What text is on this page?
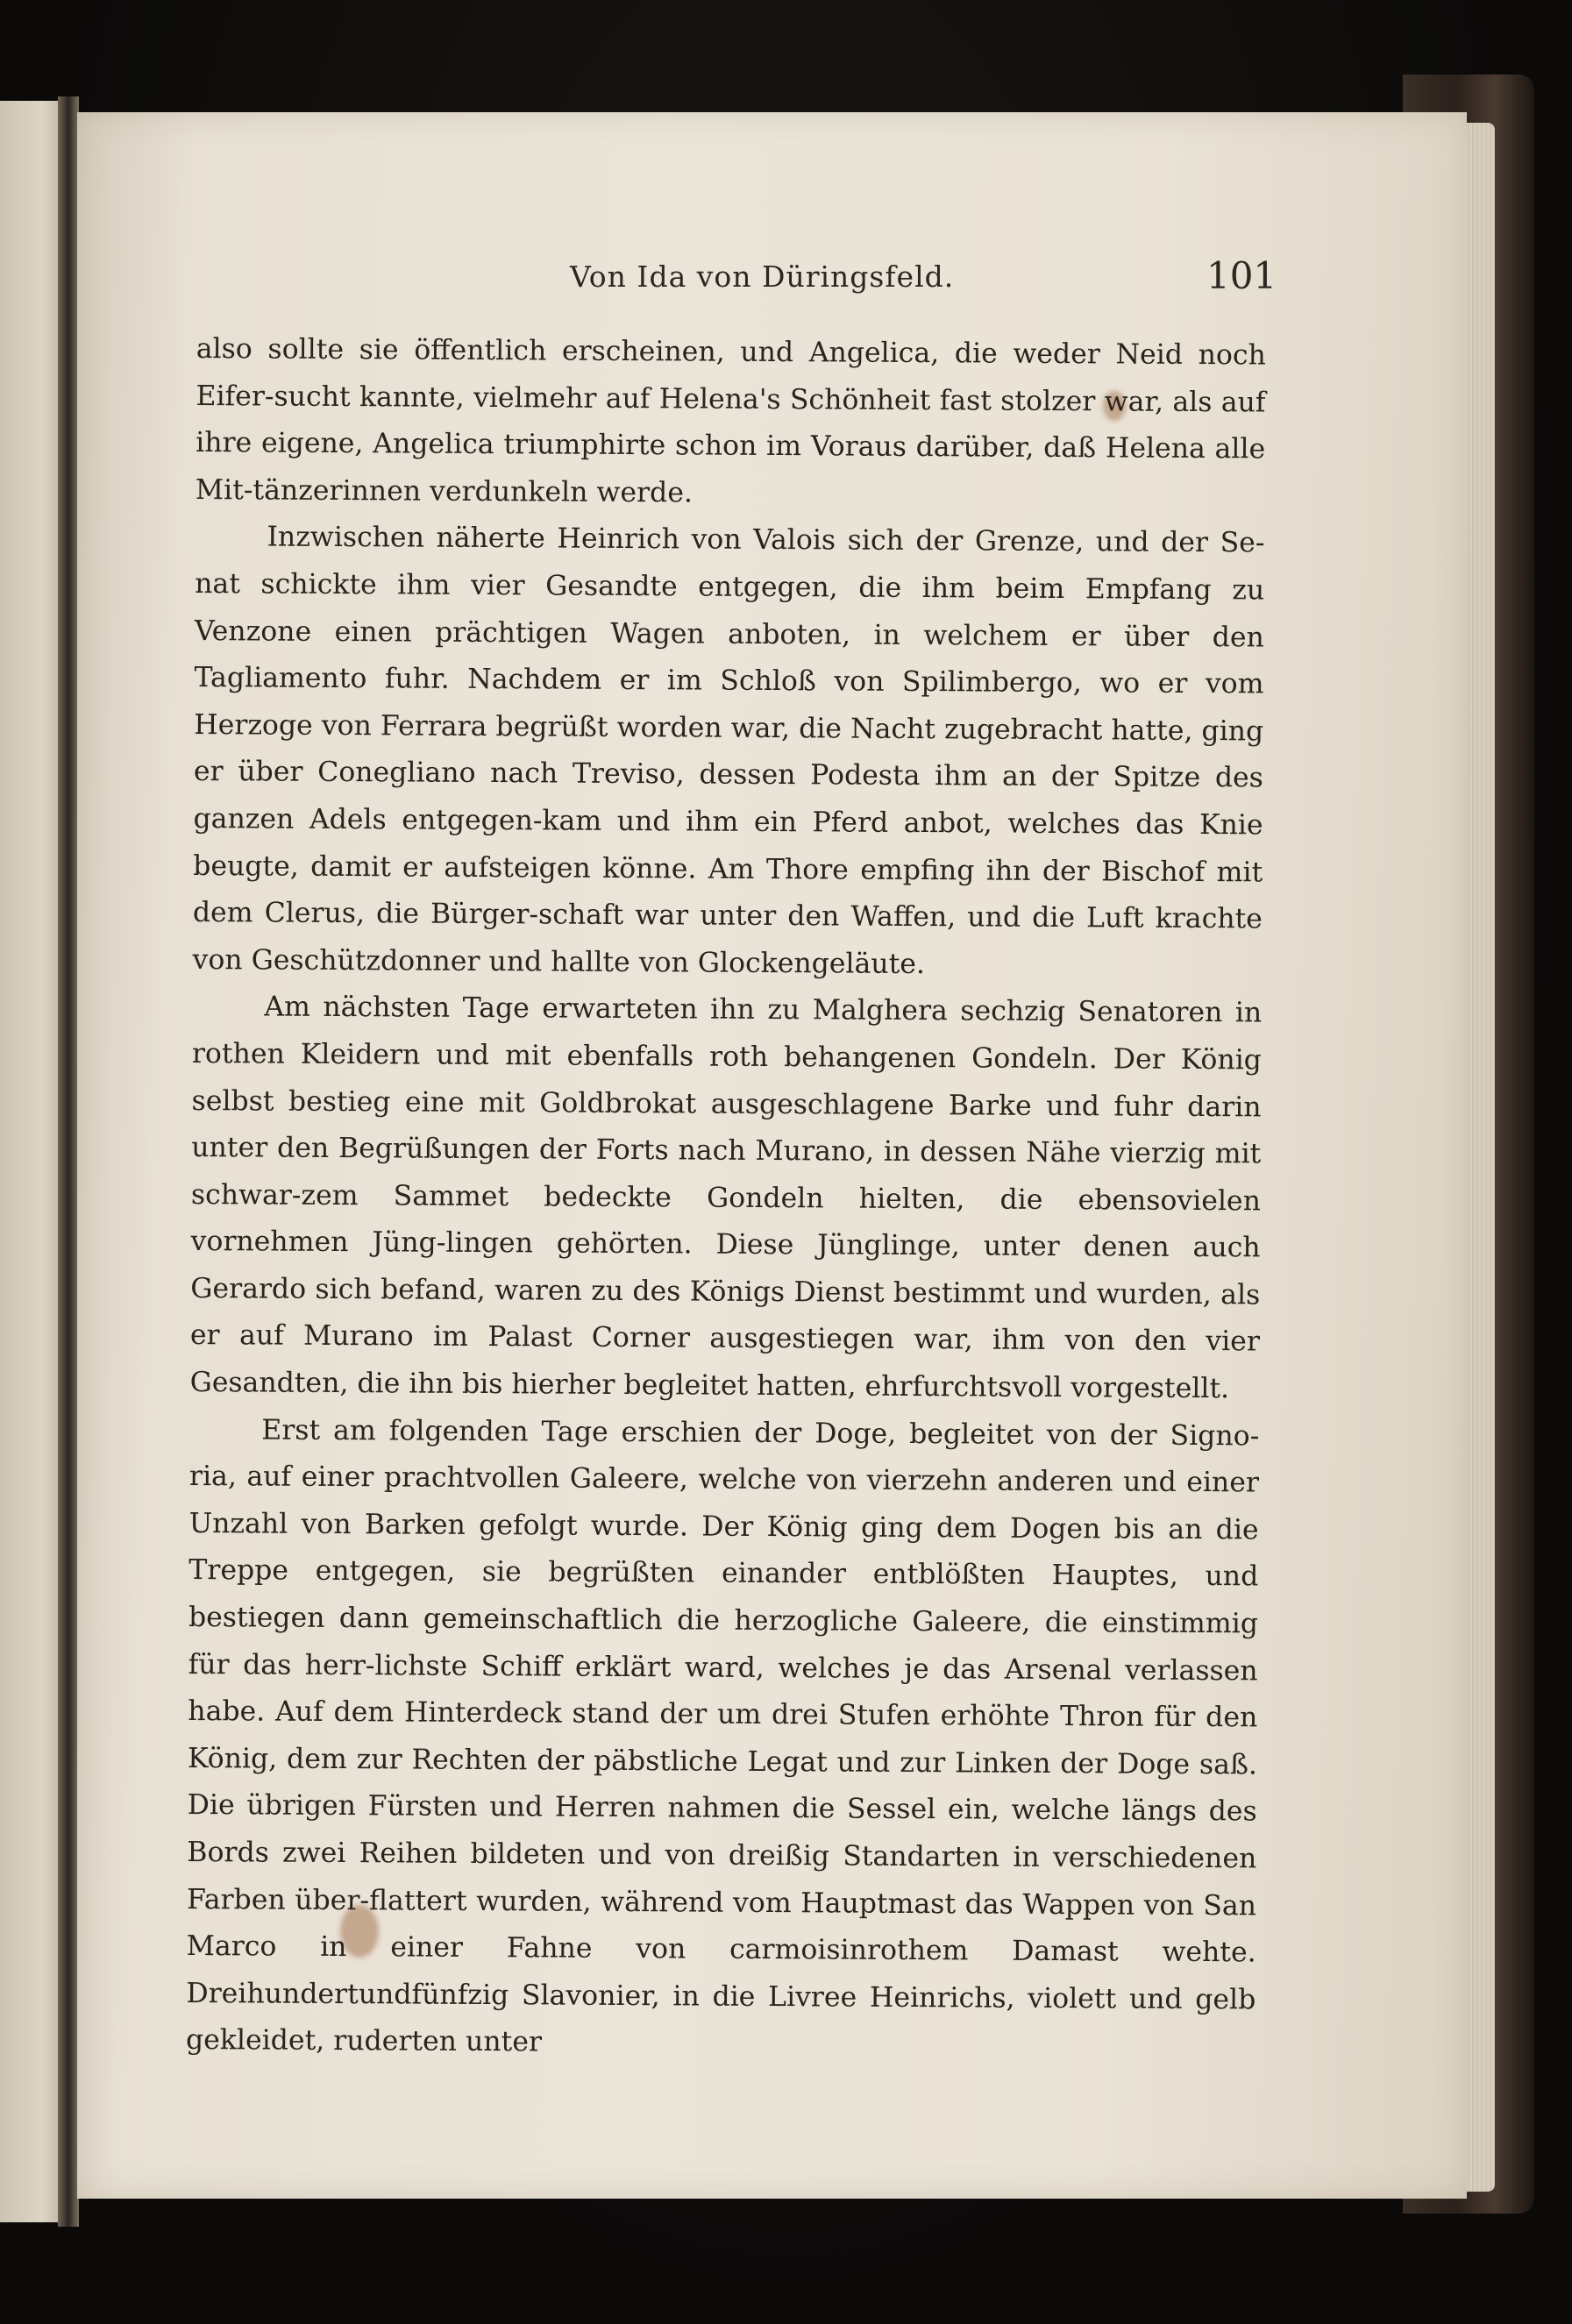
Von Ida von Düringsfeld.	101

also sollte sie öffentlich erscheinen, und Angelica, die weder Neid noch Eifer-sucht kannte, vielmehr auf Helena's Schönheit fast stolzer war, als auf ihre eigene, Angelica triumphirte schon im Voraus darüber, daß Helena alle Mit-tänzerinnen verdunkeln werde.

Inzwischen näherte Heinrich von Valois sich der Grenze, und der Se-nat schickte ihm vier Gesandte entgegen, die ihm beim Empfang zu Venzone einen prächtigen Wagen anboten, in welchem er über den Tagliamento fuhr. Nachdem er im Schloß von Spilimbergo, wo er vom Herzoge von Ferrara begrüßt worden war, die Nacht zugebracht hatte, ging er über Conegliano nach Treviso, dessen Podesta ihm an der Spitze des ganzen Adels entgegen-kam und ihm ein Pferd anbot, welches das Knie beugte, damit er aufsteigen könne. Am Thore empfing ihn der Bischof mit dem Clerus, die Bürger-schaft war unter den Waffen, und die Luft krachte von Geschützdonner und hallte von Glockengeläute.

Am nächsten Tage erwarteten ihn zu Malghera sechzig Senatoren in rothen Kleidern und mit ebenfalls roth behangenen Gondeln. Der König selbst bestieg eine mit Goldbrokat ausgeschlagene Barke und fuhr darin unter den Begrüßungen der Forts nach Murano, in dessen Nähe vierzig mit schwar-zem Sammet bedeckte Gondeln hielten, die ebensovielen vornehmen Jüng-lingen gehörten. Diese Jünglinge, unter denen auch Gerardo sich befand, waren zu des Königs Dienst bestimmt und wurden, als er auf Murano im Palast Corner ausgestiegen war, ihm von den vier Gesandten, die ihn bis hierher begleitet hatten, ehrfurchtsvoll vorgestellt.

Erst am folgenden Tage erschien der Doge, begleitet von der Signo-ria, auf einer prachtvollen Galeere, welche von vierzehn anderen und einer Unzahl von Barken gefolgt wurde. Der König ging dem Dogen bis an die Treppe entgegen, sie begrüßten einander entblößten Hauptes, und bestiegen dann gemeinschaftlich die herzogliche Galeere, die einstimmig für das herr-lichste Schiff erklärt ward, welches je das Arsenal verlassen habe. Auf dem Hinterdeck stand der um drei Stufen erhöhte Thron für den König, dem zur Rechten der päbstliche Legat und zur Linken der Doge saß. Die übrigen Fürsten und Herren nahmen die Sessel ein, welche längs des Bords zwei Reihen bildeten und von dreißig Standarten in verschiedenen Farben über-flattert wurden, während vom Hauptmast das Wappen von San Marco in einer Fahne von carmoisinrothem Damast wehte. Dreihundertundfünfzig Slavonier, in die Livree Heinrichs, violett und gelb gekleidet, ruderten unter
